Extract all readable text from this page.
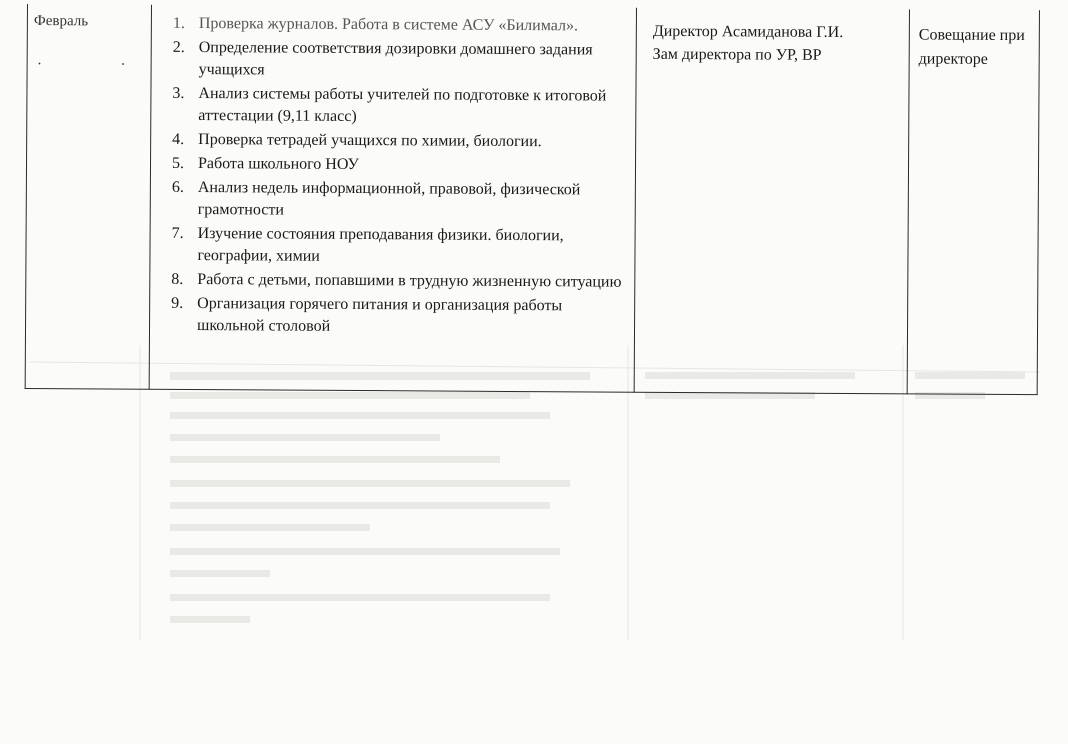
Февраль
. .
1. Проверка журналов. Работа в системе АСУ «Билимал».
2. Определение соответствия дозировки домашнего задания учащихся
3. Анализ системы работы учителей по подготовке к итоговой аттестации (9,11 класс)
4. Проверка тетрадей учащихся по химии, биологии.
5. Работа школьного НОУ
6. Анализ недель информационной, правовой, физической грамотности
7. Изучение состояния преподавания физики. биологии, географии, химии
8. Работа с детьми, попавшими в трудную жизненную ситуацию
9. Организация горячего питания и организация работы школьной столовой
Директор Асамиданова Г.И.
Зам директора по УР, ВР
Совещание при директоре
